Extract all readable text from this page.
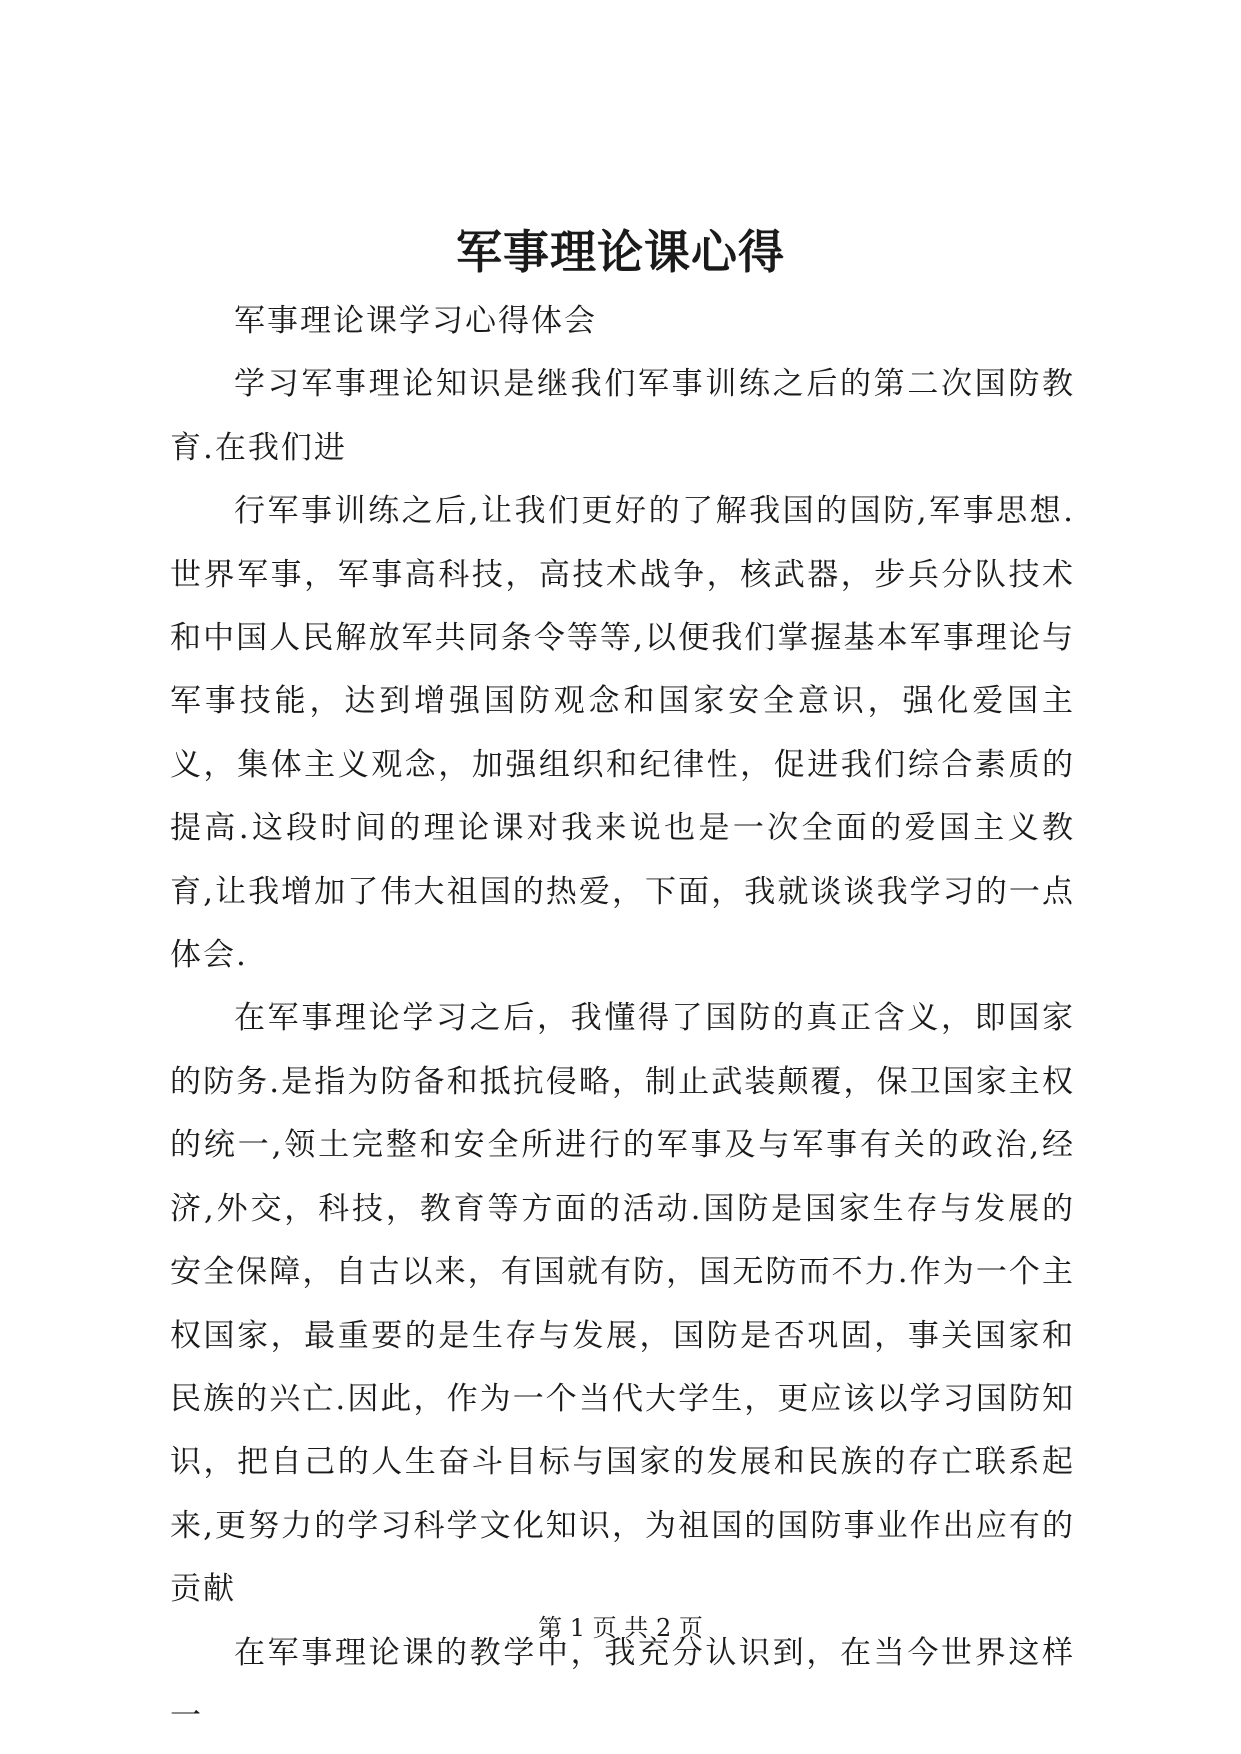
军事理论课心得

军事理论课学习心得体会

学习军事理论知识是继我们军事训练之后的第二次国防教育.在我们进

行军事训练之后,让我们更好的了解我国的国防,军事思想.世界军事，军事高科技，高技术战争，核武器，步兵分队技术和中国人民解放军共同条令等等,以便我们掌握基本军事理论与军事技能，达到增强国防观念和国家安全意识，强化爱国主义，集体主义观念，加强组织和纪律性，促进我们综合素质的提高.这段时间的理论课对我来说也是一次全面的爱国主义教育,让我增加了伟大祖国的热爱，下面，我就谈谈我学习的一点体会.

在军事理论学习之后，我懂得了国防的真正含义，即国家的防务.是指为防备和抵抗侵略，制止武装颠覆，保卫国家主权的统一,领土完整和安全所进行的军事及与军事有关的政治,经济,外交，科技，教育等方面的活动.国防是国家生存与发展的安全保障，自古以来，有国就有防，国无防而不力.作为一个主权国家，最重要的是生存与发展，国防是否巩固，事关国家和民族的兴亡.因此，作为一个当代大学生，更应该以学习国防知识，把自己的人生奋斗目标与国家的发展和民族的存亡联系起来,更努力的学习科学文化知识，为祖国的国防事业作出应有的贡献

在军事理论课的教学中，我充分认识到，在当今世界这样一

第 1 页 共 2 页
